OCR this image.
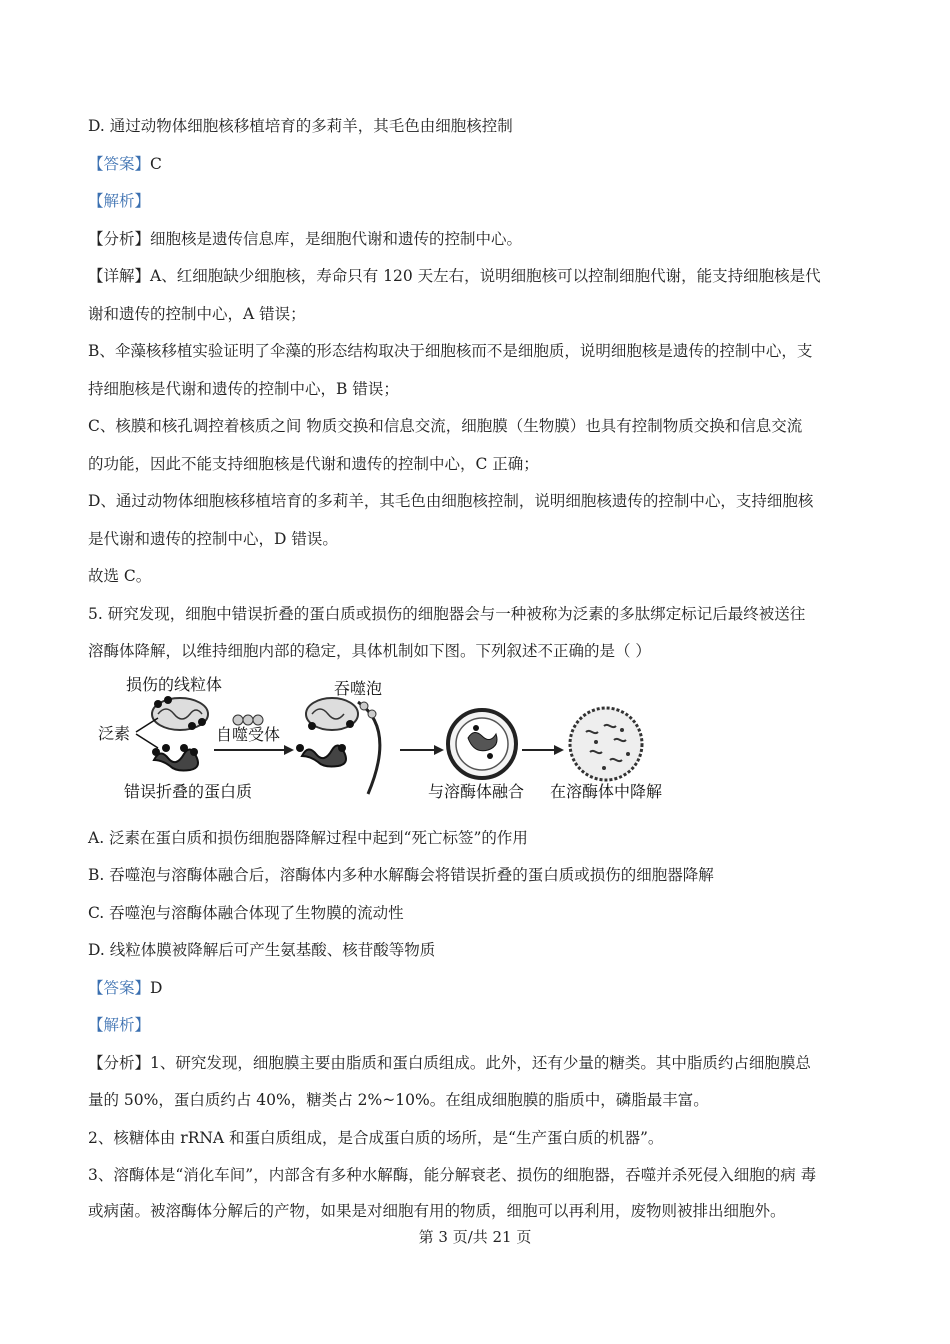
D. 通过动物体细胞核移植培育的多莉羊，其毛色由细胞核控制
【答案】C
【解析】
【分析】细胞核是遗传信息库，是细胞代谢和遗传的控制中心。
【详解】A、红细胞缺少细胞核，寿命只有 120 天左右，说明细胞核可以控制细胞代谢，能支持细胞核是代
谢和遗传的控制中心，A 错误；
B、伞藻核移植实验证明了伞藻的形态结构取决于细胞核而不是细胞质，说明细胞核是遗传的控制中心，支
持细胞核是代谢和遗传的控制中心，B 错误；
C、核膜和核孔调控着核质之间 物质交换和信息交流，细胞膜（生物膜）也具有控制物质交换和信息交流
的功能，因此不能支持细胞核是代谢和遗传的控制中心，C 正确；
D、通过动物体细胞核移植培育的多莉羊，其毛色由细胞核控制，说明细胞核遗传的控制中心，支持细胞核
是代谢和遗传的控制中心，D 错误。
故选 C。
5. 研究发现，细胞中错误折叠的蛋白质或损伤的细胞器会与一种被称为泛素的多肽绑定标记后最终被送往
溶酶体降解，以维持细胞内部的稳定，具体机制如下图。下列叙述不正确的是（ ）
损伤的线粒体
泛素	自噬受体
错误折叠的蛋白质
吞噬泡
与溶酶体融合 在溶酶体中降解
A. 泛素在蛋白质和损伤细胞器降解过程中起到“死亡标签”的作用
B. 吞噬泡与溶酶体融合后，溶酶体内多种水解酶会将错误折叠的蛋白质或损伤的细胞器降解
C. 吞噬泡与溶酶体融合体现了生物膜的流动性
D. 线粒体膜被降解后可产生氨基酸、核苷酸等物质
【答案】D
【解析】
【分析】1、研究发现，细胞膜主要由脂质和蛋白质组成。此外，还有少量的糖类。其中脂质约占细胞膜总
量的 50%，蛋白质约占 40%，糖类占 2%~10%。在组成细胞膜的脂质中，磷脂最丰富。
2、核糖体由 rRNA 和蛋白质组成，是合成蛋白质的场所，是“生产蛋白质的机器”。
3、溶酶体是“消化车间”，内部含有多种水解酶，能分解衰老、损伤的细胞器，吞噬并杀死侵入细胞的病 毒
或病菌。被溶酶体分解后的产物，如果是对细胞有用的物质，细胞可以再利用，废物则被排出细胞外。
第 3 页/共 21 页
